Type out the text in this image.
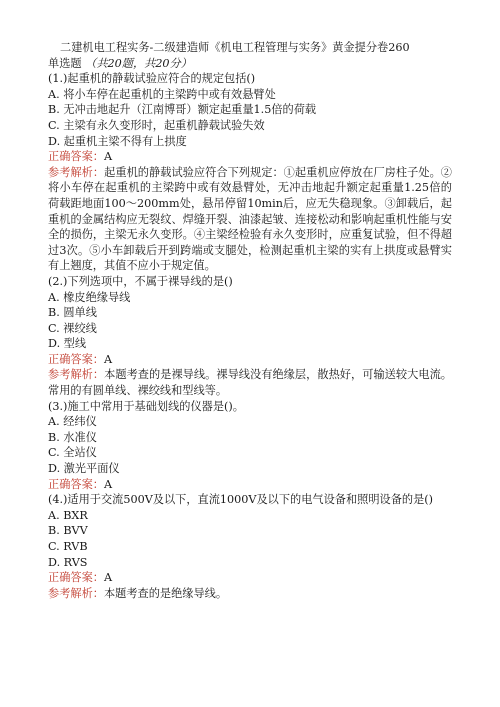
二建机电工程实务-二级建造师《机电工程管理与实务》黄金提分卷260

单选题 （共20题，共20分）

(1.)起重机的静载试验应符合的规定包括()

A. 将小车停在起重机的主梁跨中或有效悬臂处

B. 无冲击地起升（江南博哥）额定起重量1.5倍的荷载

C. 主梁有永久变形时，起重机静载试验失效

D. 起重机主梁不得有上拱度

正确答案：A

参考解析：起重机的静载试验应符合下列规定：①起重机应停放在厂房柱子处。②将小车停在起重机的主梁跨中或有效悬臂处，无冲击地起升额定起重量1.25倍的荷载距地面100～200mm处，悬吊停留10min后，应无失稳现象。③卸载后，起重机的金属结构应无裂纹、焊缝开裂、油漆起皱、连接松动和影响起重机性能与安全的损伤，主梁无永久变形。④主梁经检验有永久变形时，应重复试验，但不得超过3次。⑤小车卸载后开到跨端或支腿处，检测起重机主梁的实有上拱度或悬臂实有上翘度，其值不应小于规定值。

(2.)下列选项中，不属于裸导线的是()

A. 橡皮绝缘导线

B. 圆单线

C. 裸绞线

D. 型线

正确答案：A

参考解析：本题考查的是裸导线。裸导线没有绝缘层，散热好，可输送较大电流。常用的有圆单线、裸绞线和型线等。

(3.)施工中常用于基础划线的仪器是()。

A. 经纬仪

B. 水准仪

C. 全站仪

D. 激光平面仪

正确答案：A

(4.)适用于交流500V及以下，直流1000V及以下的电气设备和照明设备的是()

A. BXR

B. BVV

C. RVB

D. RVS

正确答案：A

参考解析：本题考查的是绝缘导线。
